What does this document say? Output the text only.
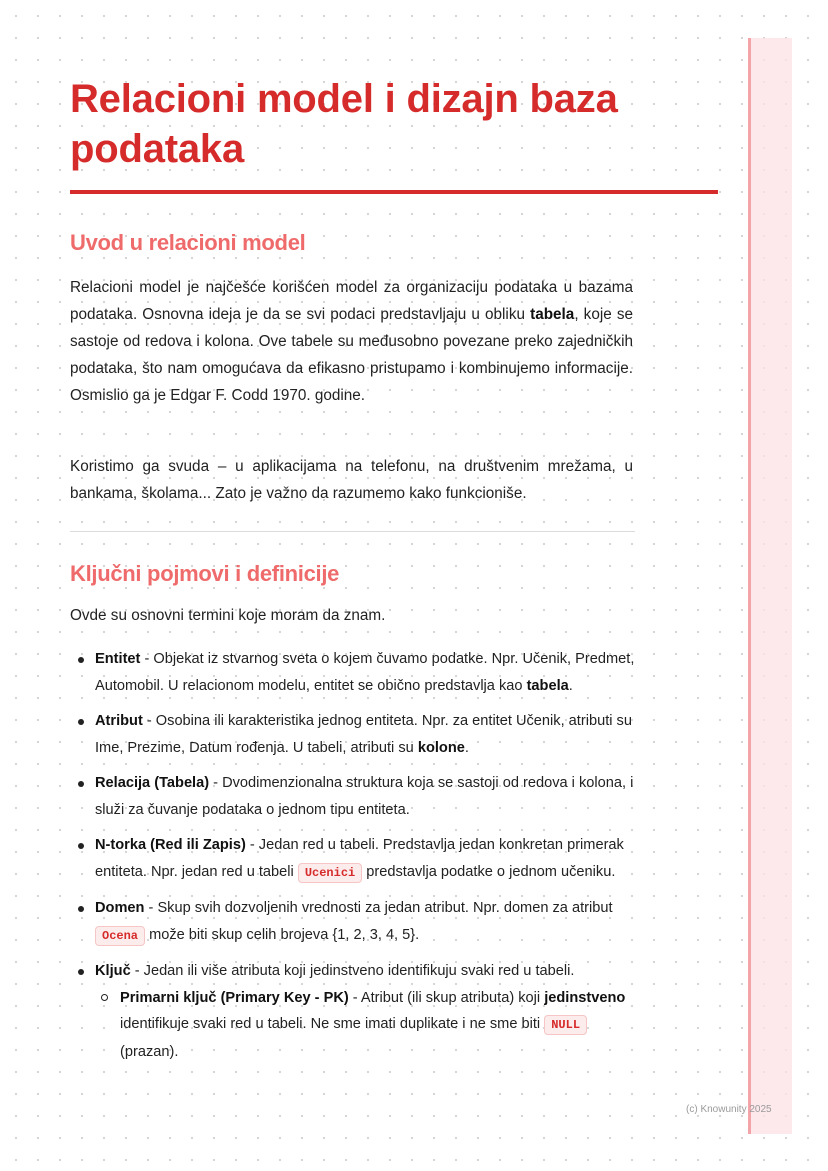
Relacioni model i dizajn baza podataka
Uvod u relacioni model

Relacioni model je najčešće korišćen model za organizaciju podataka u bazama podataka. Osnovna ideja je da se svi podaci predstavljaju u obliku tabela, koje se sastoje od redova i kolona. Ove tabele su međusobno povezane preko zajedničkih podataka, što nam omogućava da efikasno pristupamo i kombinujemo informacije. Osmislio ga je Edgar F. Codd 1970. godine.

Koristimo ga svuda – u aplikacijama na telefonu, na društvenim mrežama, u bankama, školama... Zato je važno da razumemo kako funkcioniše.

Ključni pojmovi i definicije

Ovde su osnovni termini koje moram da znam.

Entitet - Objekat iz stvarnog sveta o kojem čuvamo podatke. Npr. Učenik, Predmet, Automobil. U relacionom modelu, entitet se obično predstavlja kao tabela.
Atribut - Osobina ili karakteristika jednog entiteta. Npr. za entitet Učenik, atributi su Ime, Prezime, Datum rođenja. U tabeli, atributi su kolone.
Relacija (Tabela) - Dvodimenzionalna struktura koja se sastoji od redova i kolona, i služi za čuvanje podataka o jednom tipu entiteta.
N-torka (Red ili Zapis) - Jedan red u tabeli. Predstavlja jedan konkretan primerak entiteta. Npr. jedan red u tabeli Ucenici predstavlja podatke o jednom učeniku.
Domen - Skup svih dozvoljenih vrednosti za jedan atribut. Npr. domen za atribut Ocena može biti skup celih brojeva {1, 2, 3, 4, 5}.
Ključ - Jedan ili više atributa koji jedinstveno identifikuju svaki red u tabeli.
Primarni ključ (Primary Key - PK) - Atribut (ili skup atributa) koji jedinstveno identifikuje svaki red u tabeli. Ne sme imati duplikate i ne sme biti NULL (prazan).
(c) Knowunity 2025
